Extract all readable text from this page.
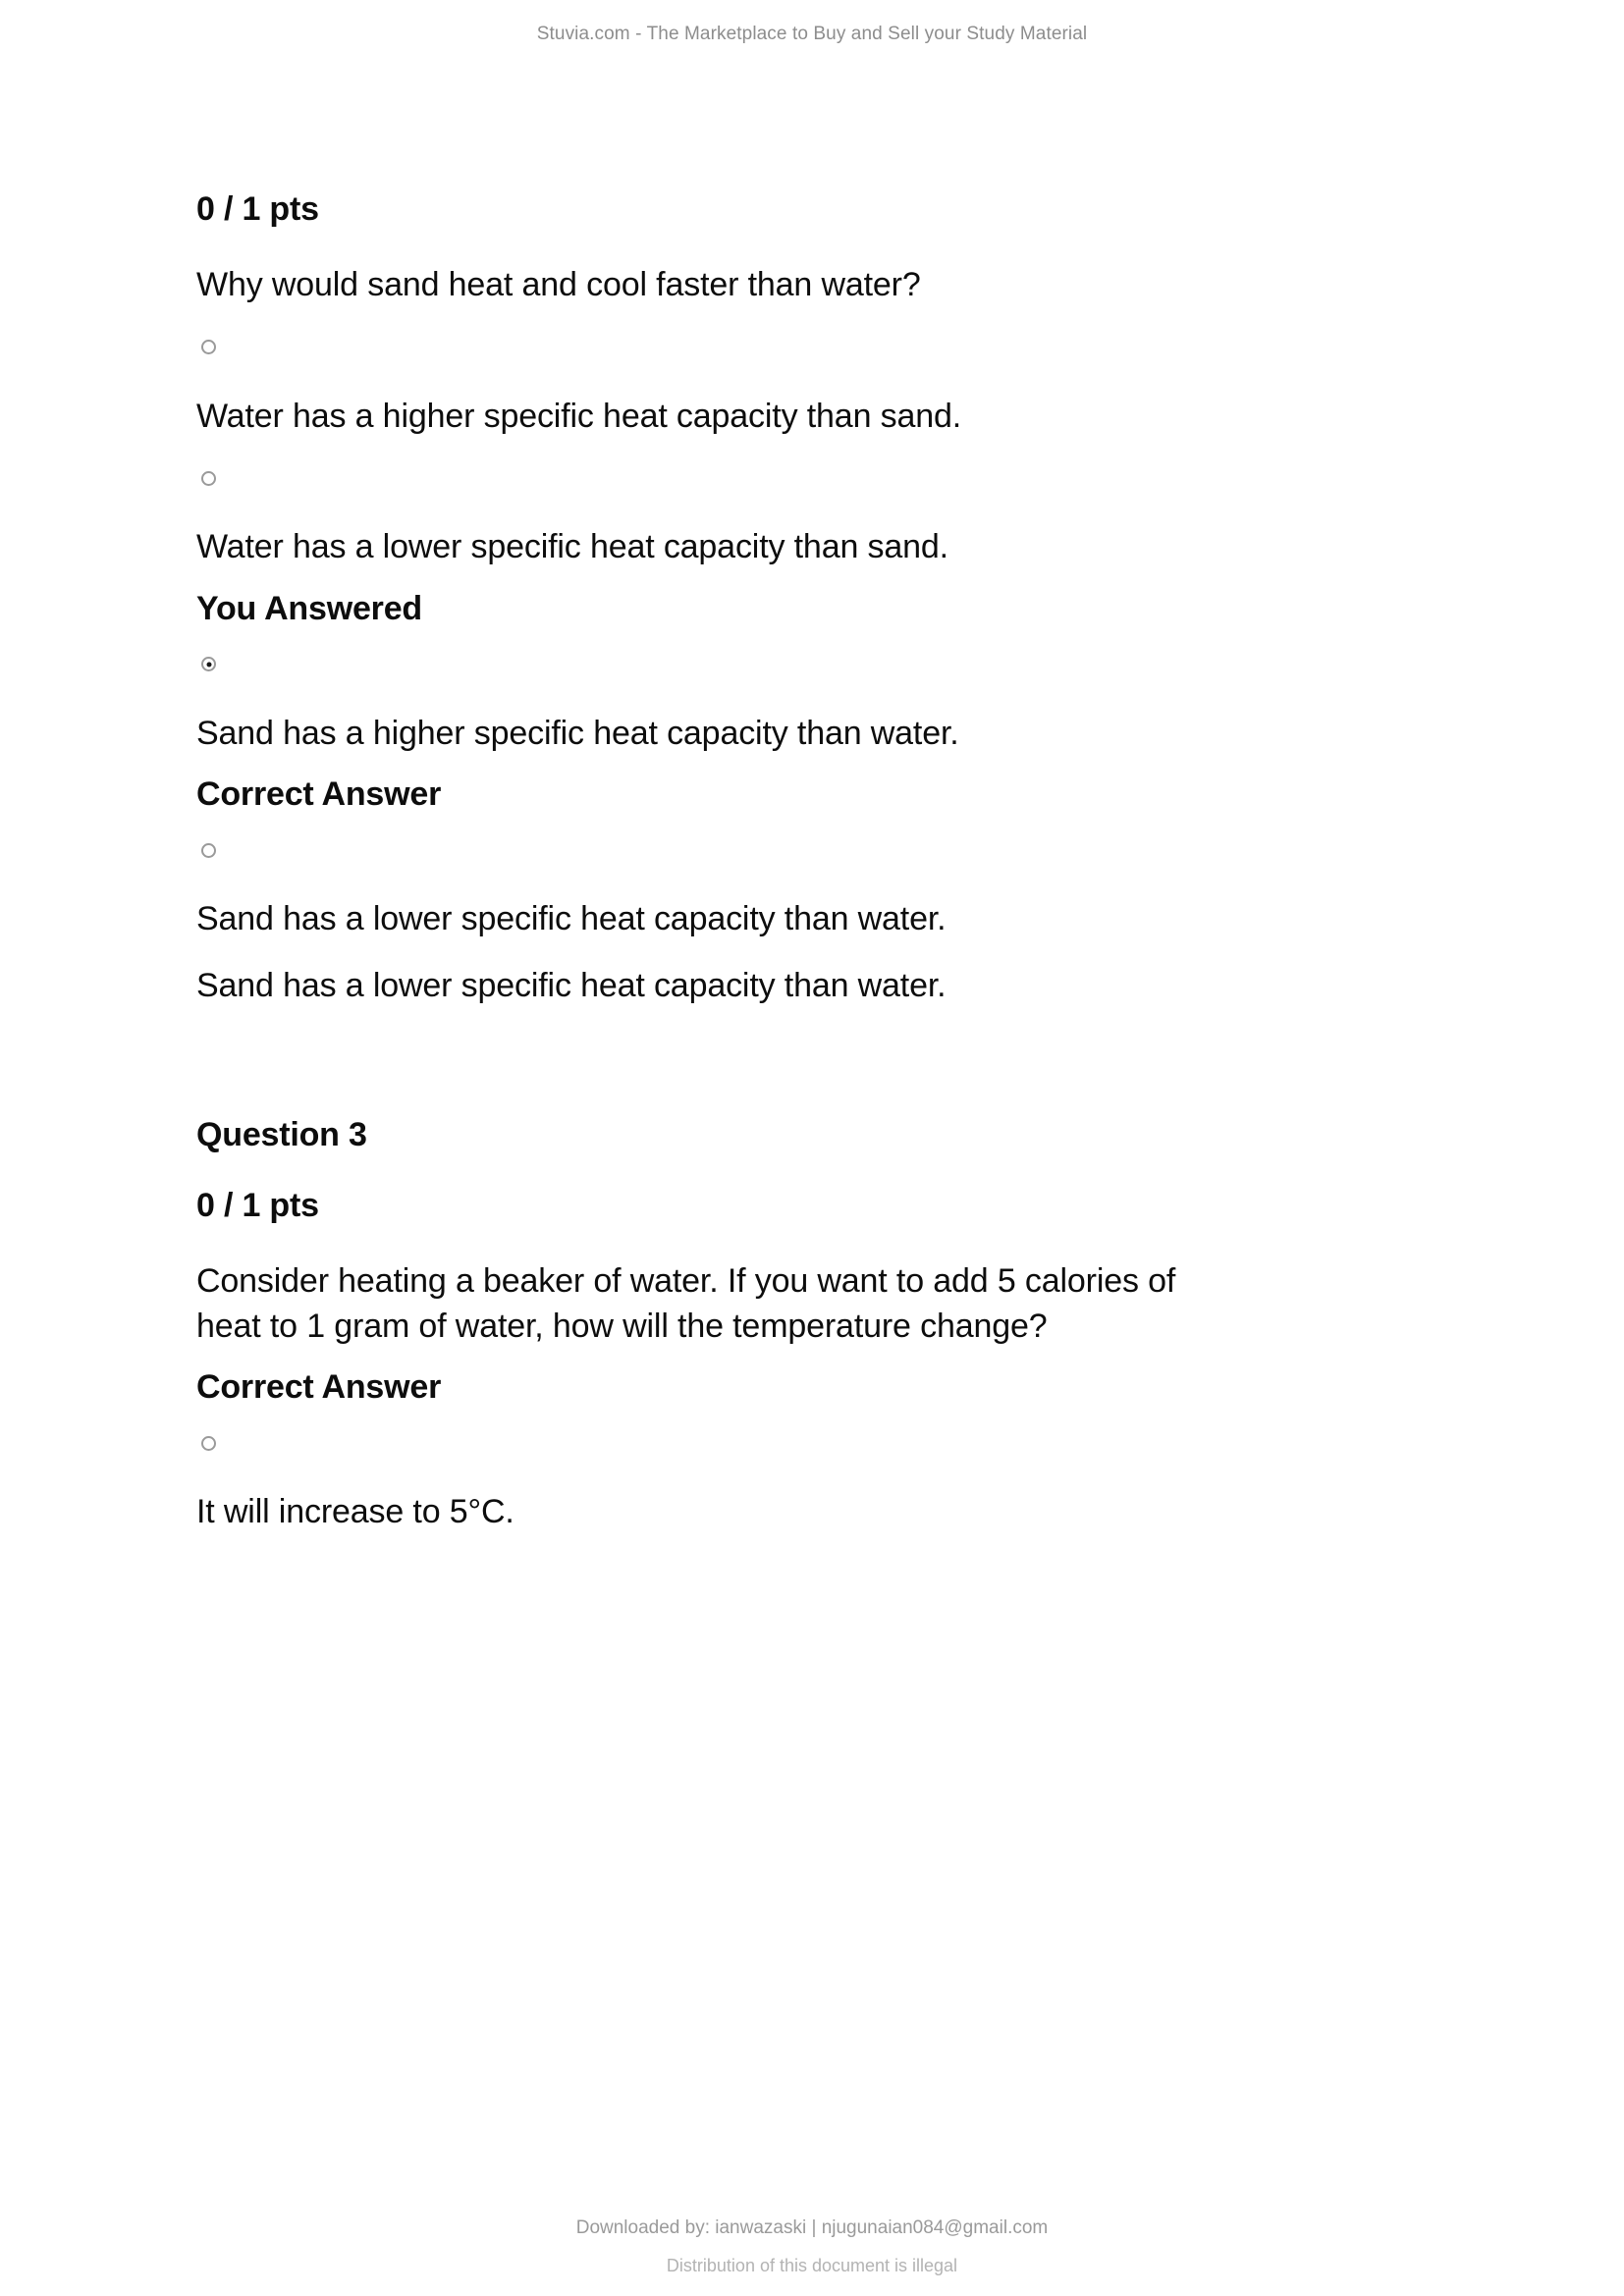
Stuvia.com - The Marketplace to Buy and Sell your Study Material
0 / 1 pts
Why would sand heat and cool faster than water?
Water has a higher specific heat capacity than sand.
Water has a lower specific heat capacity than sand.
You Answered
Sand has a higher specific heat capacity than water.
Correct Answer
Sand has a lower specific heat capacity than water.
Sand has a lower specific heat capacity than water.
Question 3
0 / 1 pts
Consider heating a beaker of water. If you want to add 5 calories of
heat to 1 gram of water, how will the temperature change?
Correct Answer
It will increase to 5°C.
Downloaded by: ianwazaski | njugunaian084@gmail.com
Distribution of this document is illegal
